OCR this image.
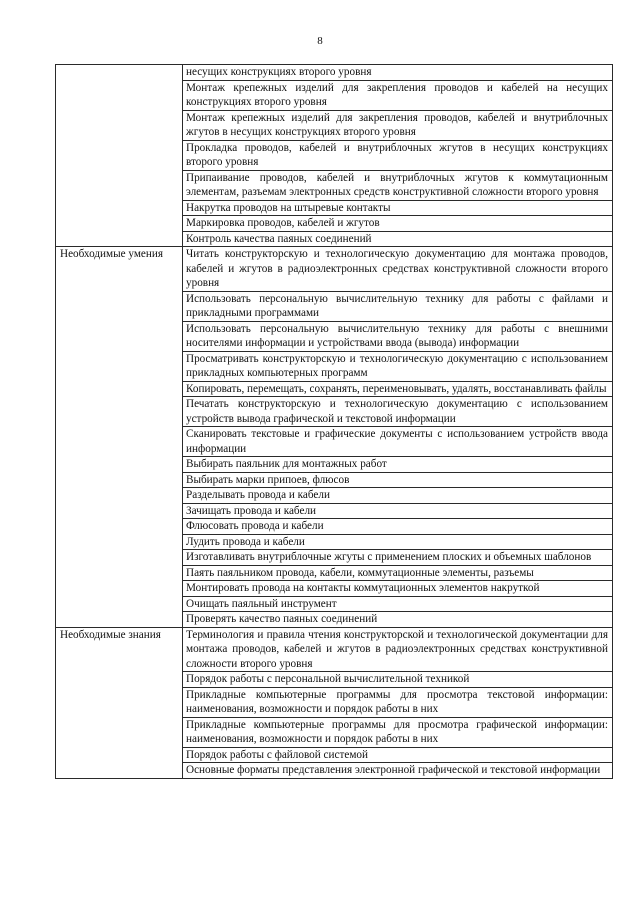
8
	несущих конструкциях второго уровня
	Монтаж крепежных изделий для закрепления проводов и кабелей на несущих конструкциях второго уровня
	Монтаж крепежных изделий для закрепления проводов, кабелей и внутриблочных жгутов в несущих конструкциях второго уровня
	Прокладка проводов, кабелей и внутриблочных жгутов в несущих конструкциях второго уровня
	Припаивание проводов, кабелей и внутриблочных жгутов к коммутационным элементам, разъемам электронных средств конструктивной сложности второго уровня
	Накрутка проводов на штыревые контакты
	Маркировка проводов, кабелей и жгутов
	Контроль качества паяных соединений
Необходимые умения	Читать конструкторскую и технологическую документацию для монтажа проводов, кабелей и жгутов в радиоэлектронных средствах конструктивной сложности второго уровня
	Использовать персональную вычислительную технику для работы с файлами и прикладными программами
	Использовать персональную вычислительную технику для работы с внешними носителями информации и устройствами ввода (вывода) информации
	Просматривать конструкторскую и технологическую документацию с использованием прикладных компьютерных программ
	Копировать, перемещать, сохранять, переименовывать, удалять, восстанавливать файлы
	Печатать конструкторскую и технологическую документацию с использованием устройств вывода графической и текстовой информации
	Сканировать текстовые и графические документы с использованием устройств ввода информации
	Выбирать паяльник для монтажных работ
	Выбирать марки припоев, флюсов
	Разделывать провода и кабели
	Зачищать провода и кабели
	Флюсовать провода и кабели
	Лудить провода и кабели
	Изготавливать внутриблочные жгуты с применением плоских и объемных шаблонов
	Паять паяльником провода, кабели, коммутационные элементы, разъемы
	Монтировать провода на контакты коммутационных элементов накруткой
	Очищать паяльный инструмент
	Проверять качество паяных соединений
Необходимые знания	Терминология и правила чтения конструкторской и технологической документации для монтажа проводов, кабелей и жгутов в радиоэлектронных средствах конструктивной сложности второго уровня
	Порядок работы с персональной вычислительной техникой
	Прикладные компьютерные программы для просмотра текстовой информации: наименования, возможности и порядок работы в них
	Прикладные компьютерные программы для просмотра графической информации: наименования, возможности и порядок работы в них
	Порядок работы с файловой системой
	Основные форматы представления электронной графической и текстовой информации
